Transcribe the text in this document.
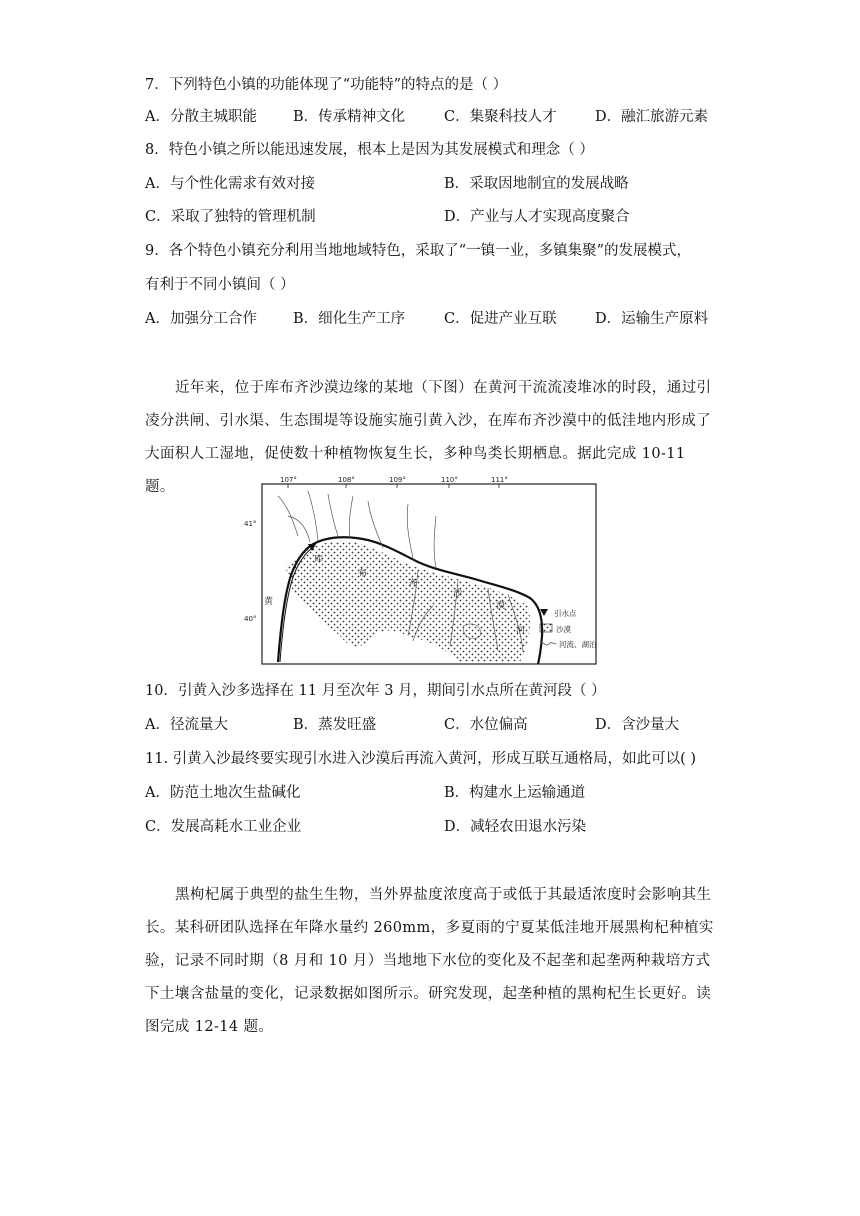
7．下列特色小镇的功能体现了“功能特”的特点的是（ ）
A．分散主城职能 B．传承精神文化	C．集聚科技人才	D．融汇旅游元素
8．特色小镇之所以能迅速发展，根本上是因为其发展模式和理念（ ）
A．与个性化需求有效对接	B．采取因地制宜的发展战略
C．采取了独特的管理机制	D．产业与人才实现高度聚合
9．各个特色小镇充分利用当地地域特色，采取了“一镇一业，多镇集聚”的发展模式，
有利于不同小镇间（ ）
A．加强分工合作 B．细化生产工序	C．促进产业互联	D．运输生产原料
近年来，位于库布齐沙漠边缘的某地（下图）在黄河干流流凌堆冰的时段，通过引凌分洪闸、引水渠、生态围堤等设施实施引黄入沙，在库布齐沙漠中的低洼地内形成了大面积人工湿地，促使数十种植物恢复生长，多种鸟类长期栖息。据此完成 10-11 题。	107°	108°	109°	110°	111°
41°
40°
库
布
齐
沙
漠
黄
河
引水点
沙漠
河流、湖泊
10．引黄入沙多选择在 11 月至次年 3 月，期间引水点所在黄河段（ ）
A．径流量大	B．蒸发旺盛	C．水位偏高	D．含沙量大
11. 引黄入沙最终要实现引水进入沙漠后再流入黄河，形成互联互通格局，如此可以( )
A．防范土地次生盐碱化	B．构建水上运输通道
C．发展高耗水工业企业	D．减轻农田退水污染
黑枸杞属于典型的盐生生物，当外界盐度浓度高于或低于其最适浓度时会影响其生长。某科研团队选择在年降水量约 260mm，多夏雨的宁夏某低洼地开展黑枸杞种植实验，记录不同时期（8 月和 10 月）当地地下水位的变化及不起垄和起垄两种栽培方式下土壤含盐量的变化，记录数据如图所示。研究发现，起垄种植的黑枸杞生长更好。读图完成 12-14 题。
